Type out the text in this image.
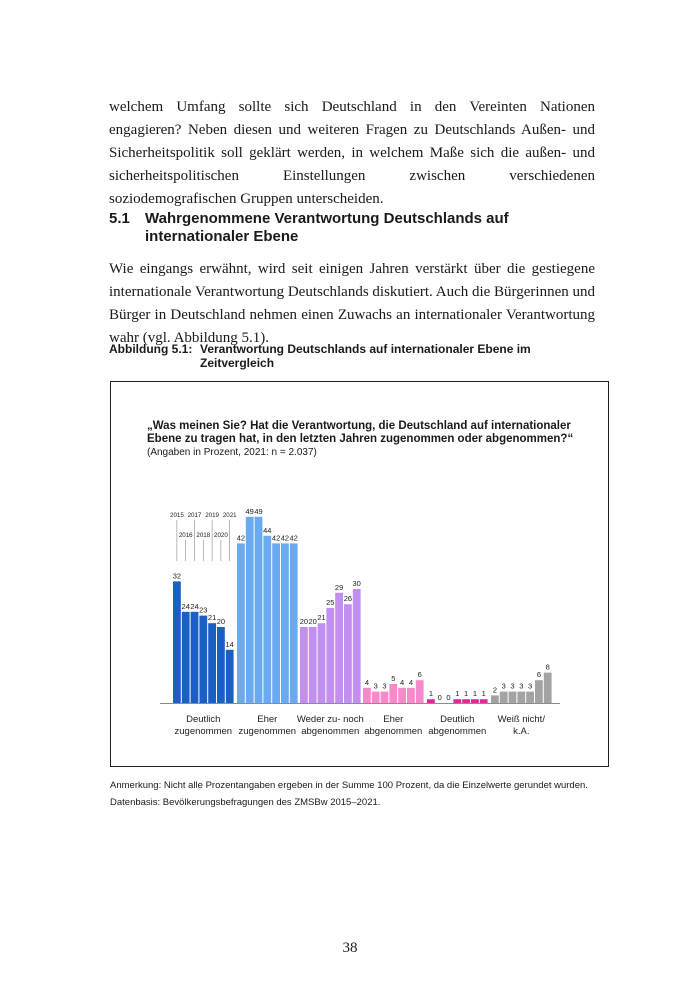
welchem Umfang sollte sich Deutschland in den Vereinten Nationen engagieren? Neben diesen und weiteren Fragen zu Deutschlands Außen- und Sicherheitspolitik soll geklärt werden, in welchem Maße sich die außen- und sicherheitspolitischen Einstellungen zwischen verschiedenen soziodemografischen Gruppen unterscheiden.

5.1 Wahrgenommene Verantwortung Deutschlands auf internationaler Ebene

Wie eingangs erwähnt, wird seit einigen Jahren verstärkt über die gestiegene internationale Verantwortung Deutschlands diskutiert. Auch die Bürgerinnen und Bürger in Deutschland nehmen einen Zuwachs an internationaler Verantwortung wahr (vgl. Abbildung 5.1).

Abbildung 5.1: Verantwortung Deutschlands auf internationaler Ebene im Zeitvergleich
„Was meinen Sie? Hat die Verantwortung, die Deutschland auf internationaler Ebene zu tragen hat, in den letzten Jahren zugenommen oder abgenommen?“
(Angaben in Prozent, 2021: n = 2.037)
32
24 24 23
21 20
14
Deutlich
zugenommen
42
49 49
44
42 42 42
Eher
zugenommen
20 20 21
25
29
26
30
Weder zu- noch
abgenommen
4 3 3
5 4 4
6
Eher
abgenommen
1 0 0 1 1 1 1
Deutlich
abgenommen
2 3 3 3 3
6
8
Weiß nicht/
k.A.
2015
2016
2017
2018
2019
2020
2021
Anmerkung: Nicht alle Prozentangaben ergeben in der Summe 100 Prozent, da die Einzelwerte gerundet wurden.
Datenbasis: Bevölkerungsbefragungen des ZMSBw 2015–2021.
38
